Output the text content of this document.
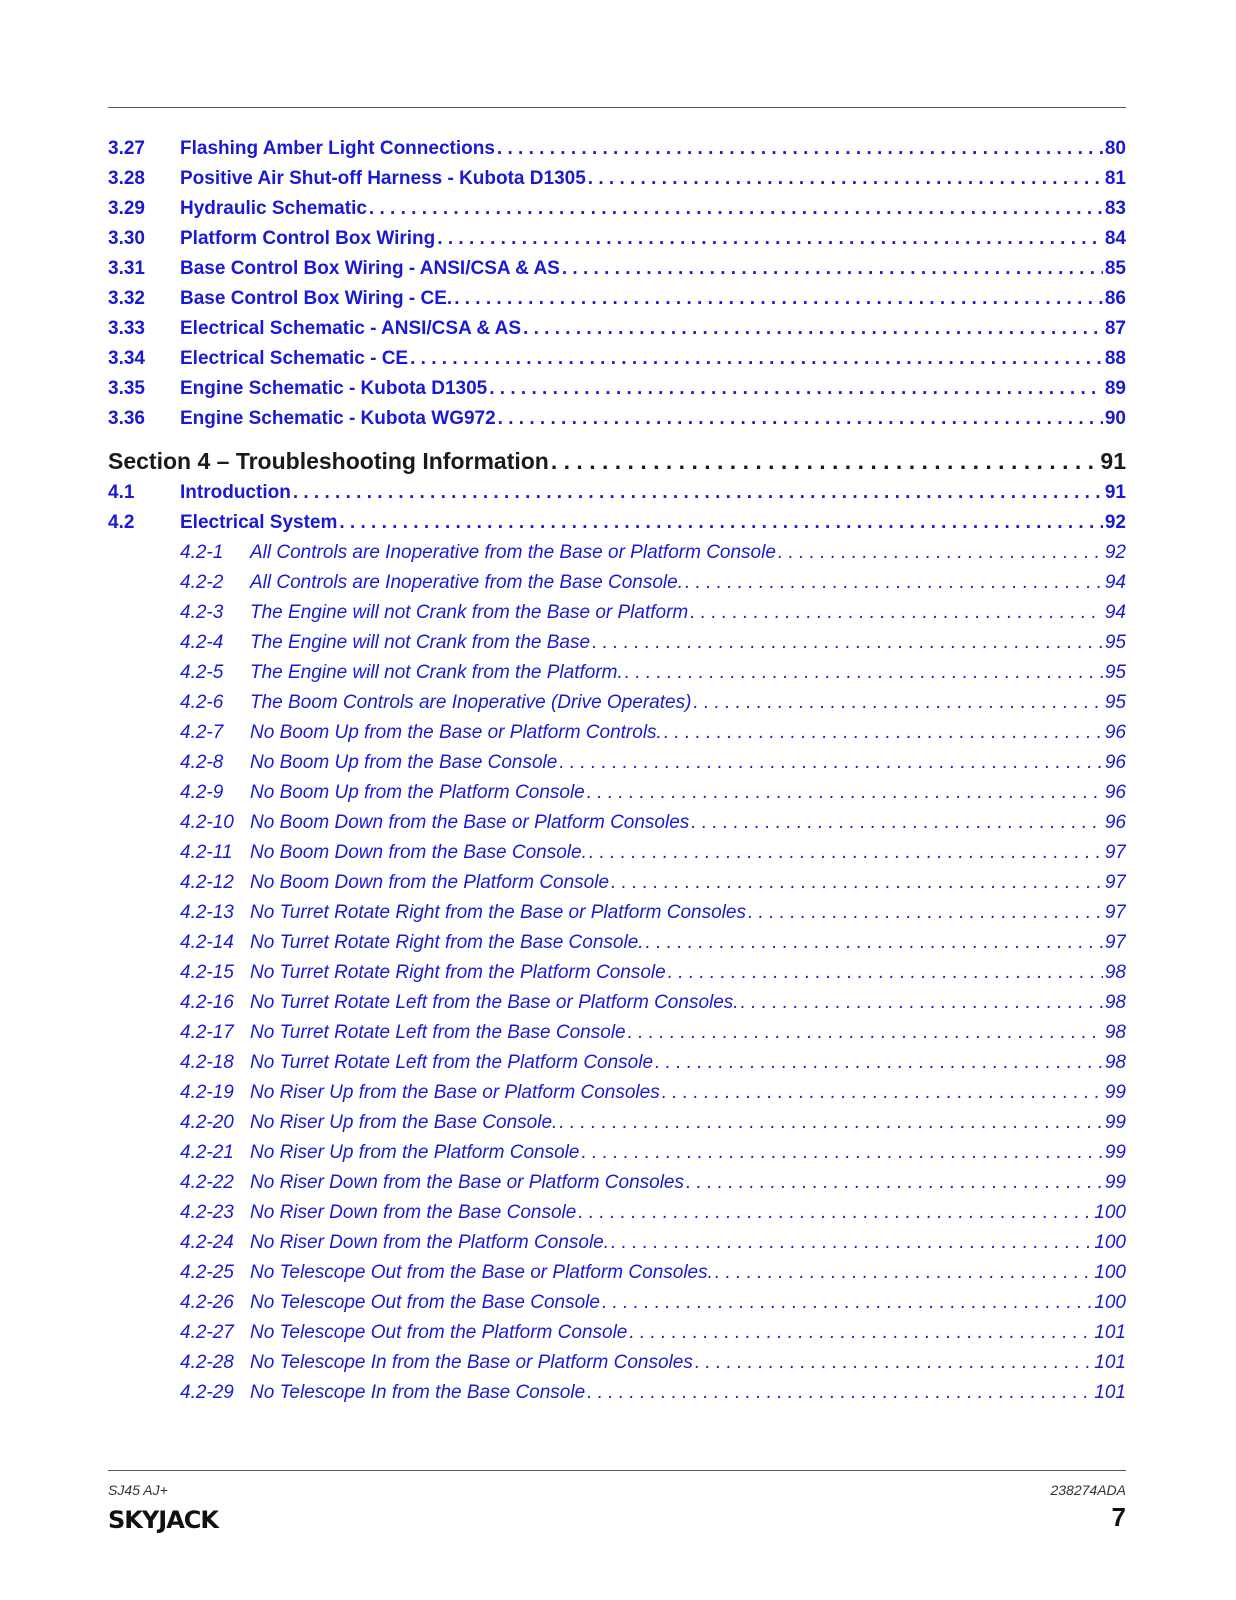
3.27	Flashing Amber Light Connections . . .	80
3.28	Positive Air Shut-off Harness - Kubota D1305 . . .	81
3.29	Hydraulic Schematic . . .	83
3.30	Platform Control Box Wiring . . .	84
3.31	Base Control Box Wiring - ANSI/CSA & AS . . .	85
3.32	Base Control Box Wiring - CE. . . .	86
3.33	Electrical Schematic - ANSI/CSA & AS . . .	87
3.34	Electrical Schematic - CE . . .	88
3.35	Engine Schematic - Kubota D1305 . . .	89
3.36	Engine Schematic - Kubota WG972 . . .	90
Section 4 – Troubleshooting Information . . .	91
4.1	Introduction . . .	91
4.2	Electrical System . . .	92
4.2-1	All Controls are Inoperative from the Base or Platform Console . . .	92
4.2-2	All Controls are Inoperative from the Base Console. . . .	94
4.2-3	The Engine will not Crank from the Base or Platform . . .	94
4.2-4	The Engine will not Crank from the Base . . .	95
4.2-5	The Engine will not Crank from the Platform. . . .	95
4.2-6	The Boom Controls are Inoperative (Drive Operates) . . .	95
4.2-7	No Boom Up from the Base or Platform Controls. . . .	96
4.2-8	No Boom Up from the Base Console . . .	96
4.2-9	No Boom Up from the Platform Console . . .	96
4.2-10 No Boom Down from the Base or Platform Consoles . . .	96
4.2-11 No Boom Down from the Base Console. . . .	97
4.2-12 No Boom Down from the Platform Console . . .	97
4.2-13 No Turret Rotate Right from the Base or Platform Consoles . . .	97
4.2-14 No Turret Rotate Right from the Base Console. . . .	97
4.2-15 No Turret Rotate Right from the Platform Console . . .	98
4.2-16 No Turret Rotate Left from the Base or Platform Consoles. . . .	98
4.2-17 No Turret Rotate Left from the Base Console . . .	98
4.2-18 No Turret Rotate Left from the Platform Console . . .	98
4.2-19 No Riser Up from the Base or Platform Consoles . . .	99
4.2-20 No Riser Up from the Base Console. . . .	99
4.2-21 No Riser Up from the Platform Console . . .	99
4.2-22 No Riser Down from the Base or Platform Consoles . . .	99
4.2-23 No Riser Down from the Base Console . . .	100
4.2-24 No Riser Down from the Platform Console. . . .	100
4.2-25 No Telescope Out from the Base or Platform Consoles. . . .	100
4.2-26 No Telescope Out from the Base Console . . .	100
4.2-27 No Telescope Out from the Platform Console . . .	101
4.2-28 No Telescope In from the Base or Platform Consoles . . .	101
4.2-29 No Telescope In from the Base Console . . .	101
SJ45 AJ+	238274ADA
SKYJACK	7
